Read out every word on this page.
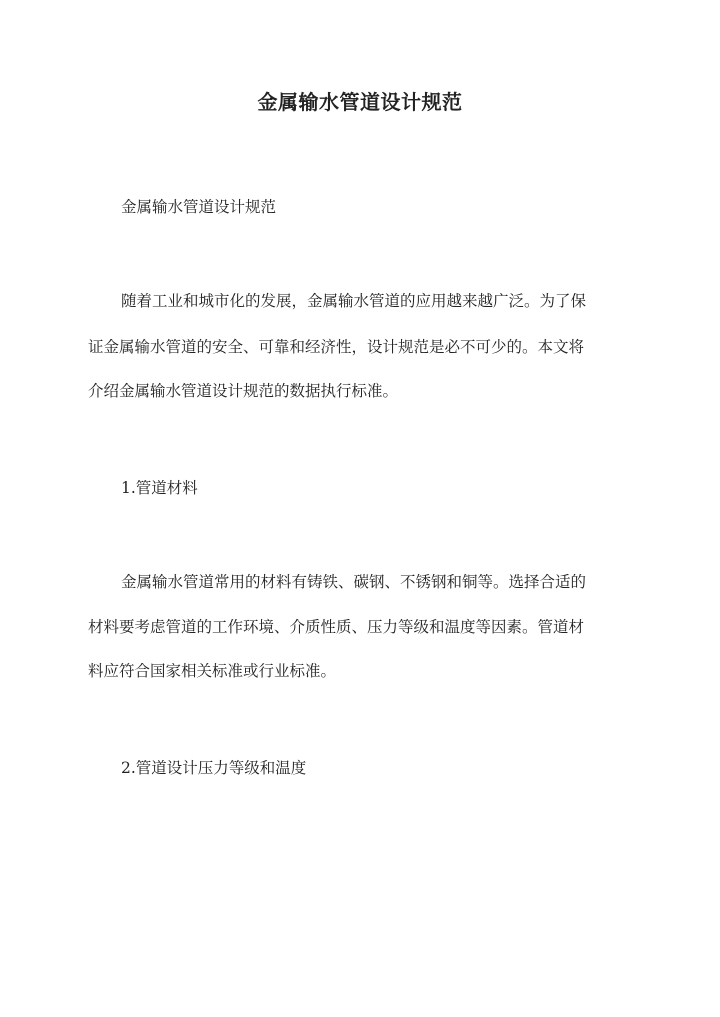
金属输水管道设计规范
金属输水管道设计规范
随着工业和城市化的发展，金属输水管道的应用越来越广泛。为了保
证金属输水管道的安全、可靠和经济性，设计规范是必不可少的。本文将
介绍金属输水管道设计规范的数据执行标准。
1.管道材料
金属输水管道常用的材料有铸铁、碳钢、不锈钢和铜等。选择合适的
材料要考虑管道的工作环境、介质性质、压力等级和温度等因素。管道材
料应符合国家相关标准或行业标准。
2.管道设计压力等级和温度
